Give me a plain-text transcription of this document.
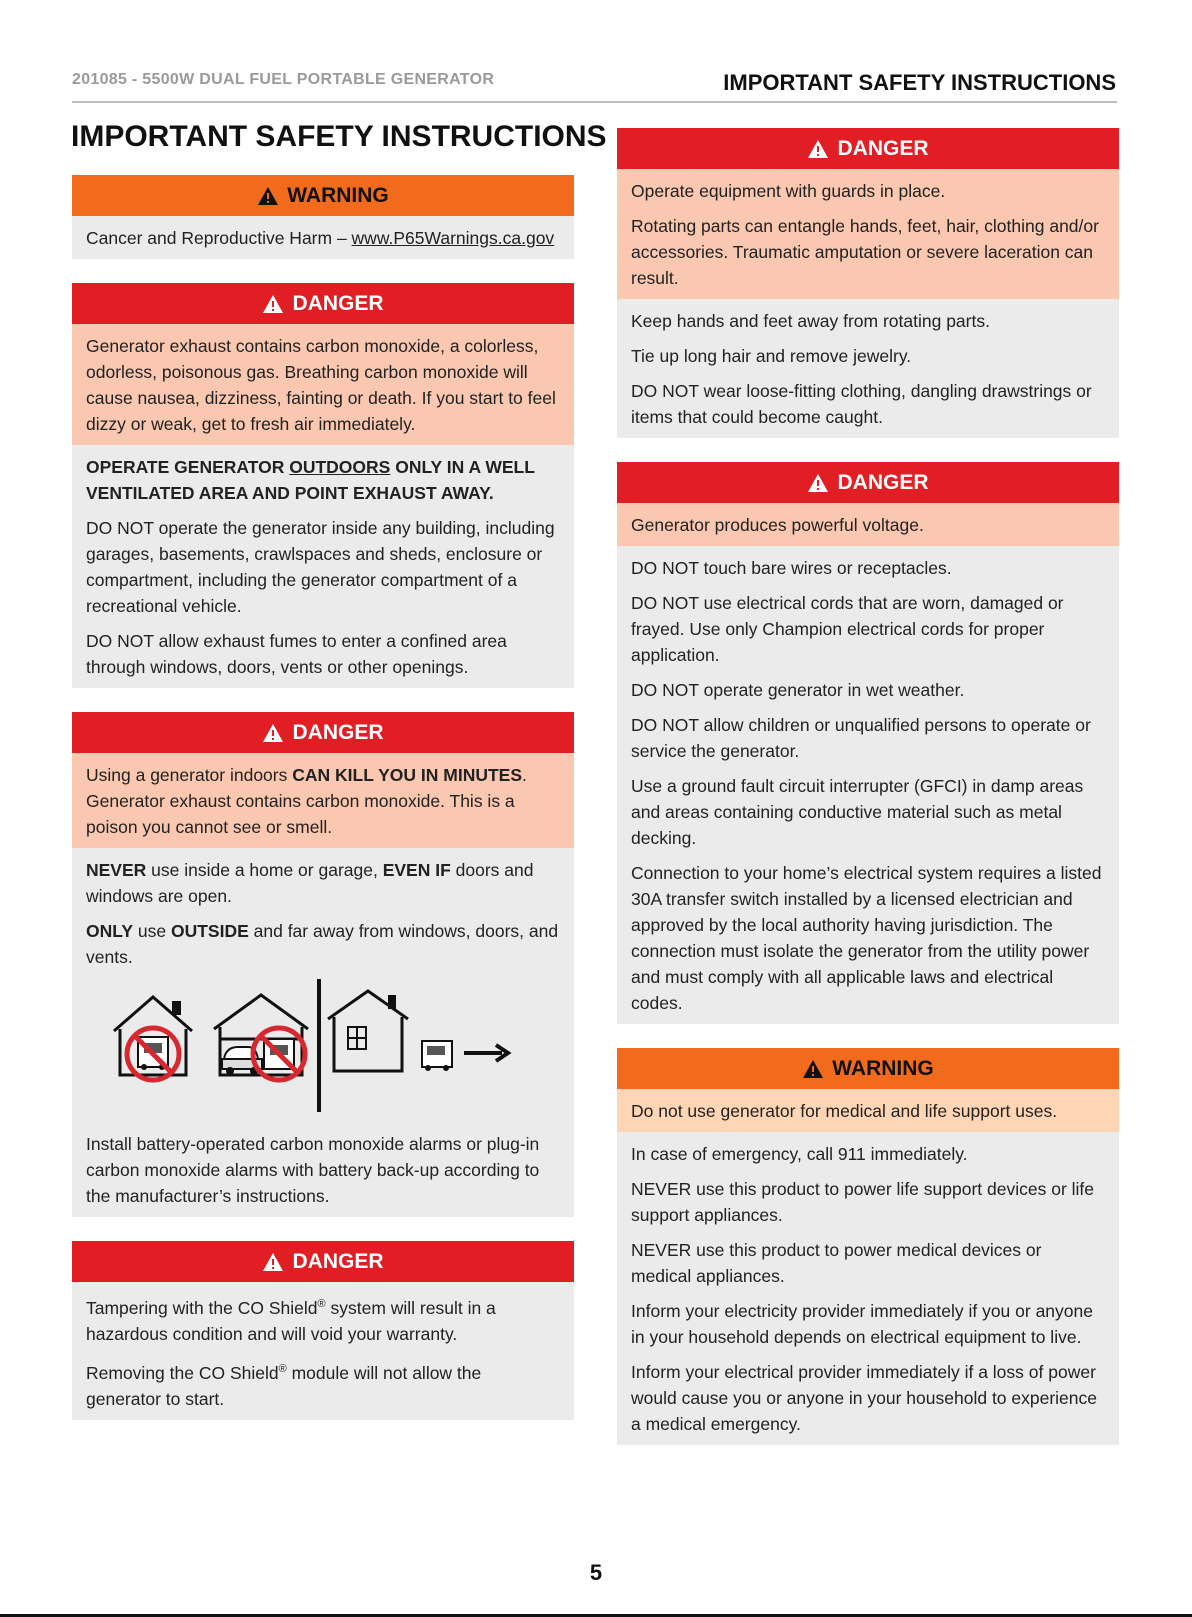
201085 - 5500W DUAL FUEL PORTABLE GENERATOR	IMPORTANT SAFETY INSTRUCTIONS
IMPORTANT SAFETY INSTRUCTIONS
WARNING

Cancer and Reproductive Harm – www.P65Warnings.ca.gov

DANGER

Generator exhaust contains carbon monoxide, a colorless, odorless, poisonous gas. Breathing carbon monoxide will cause nausea, dizziness, fainting or death. If you start to feel dizzy or weak, get to fresh air immediately.

OPERATE GENERATOR OUTDOORS ONLY IN A WELL VENTILATED AREA AND POINT EXHAUST AWAY.

DO NOT operate the generator inside any building, including garages, basements, crawlspaces and sheds, enclosure or compartment, including the generator compartment of a recreational vehicle.

DO NOT allow exhaust fumes to enter a confined area through windows, doors, vents or other openings.

DANGER

Using a generator indoors CAN KILL YOU IN MINUTES. Generator exhaust contains carbon monoxide. This is a poison you cannot see or smell.

NEVER use inside a home or garage, EVEN IF doors and windows are open.

ONLY use OUTSIDE and far away from windows, doors, and vents.

Install battery-operated carbon monoxide alarms or plug-in carbon monoxide alarms with battery back-up according to the manufacturer’s instructions.

DANGER

Tampering with the CO Shield® system will result in a hazardous condition and will void your warranty.

Removing the CO Shield® module will not allow the generator to start.

DANGER

Operate equipment with guards in place.

Rotating parts can entangle hands, feet, hair, clothing and/or accessories. Traumatic amputation or severe laceration can result.

Keep hands and feet away from rotating parts.

Tie up long hair and remove jewelry.

DO NOT wear loose-fitting clothing, dangling drawstrings or items that could become caught.

DANGER

Generator produces powerful voltage.

DO NOT touch bare wires or receptacles.

DO NOT use electrical cords that are worn, damaged or frayed. Use only Champion electrical cords for proper application.

DO NOT operate generator in wet weather.

DO NOT allow children or unqualified persons to operate or service the generator.

Use a ground fault circuit interrupter (GFCI) in damp areas and areas containing conductive material such as metal decking.

Connection to your home’s electrical system requires a listed 30A transfer switch installed by a licensed electrician and approved by the local authority having jurisdiction. The connection must isolate the generator from the utility power and must comply with all applicable laws and electrical codes.

WARNING

Do not use generator for medical and life support uses.

In case of emergency, call 911 immediately.

NEVER use this product to power life support devices or life support appliances.

NEVER use this product to power medical devices or medical appliances.

Inform your electricity provider immediately if you or anyone in your household depends on electrical equipment to live.

Inform your electrical provider immediately if a loss of power would cause you or anyone in your household to experience a medical emergency.

5
